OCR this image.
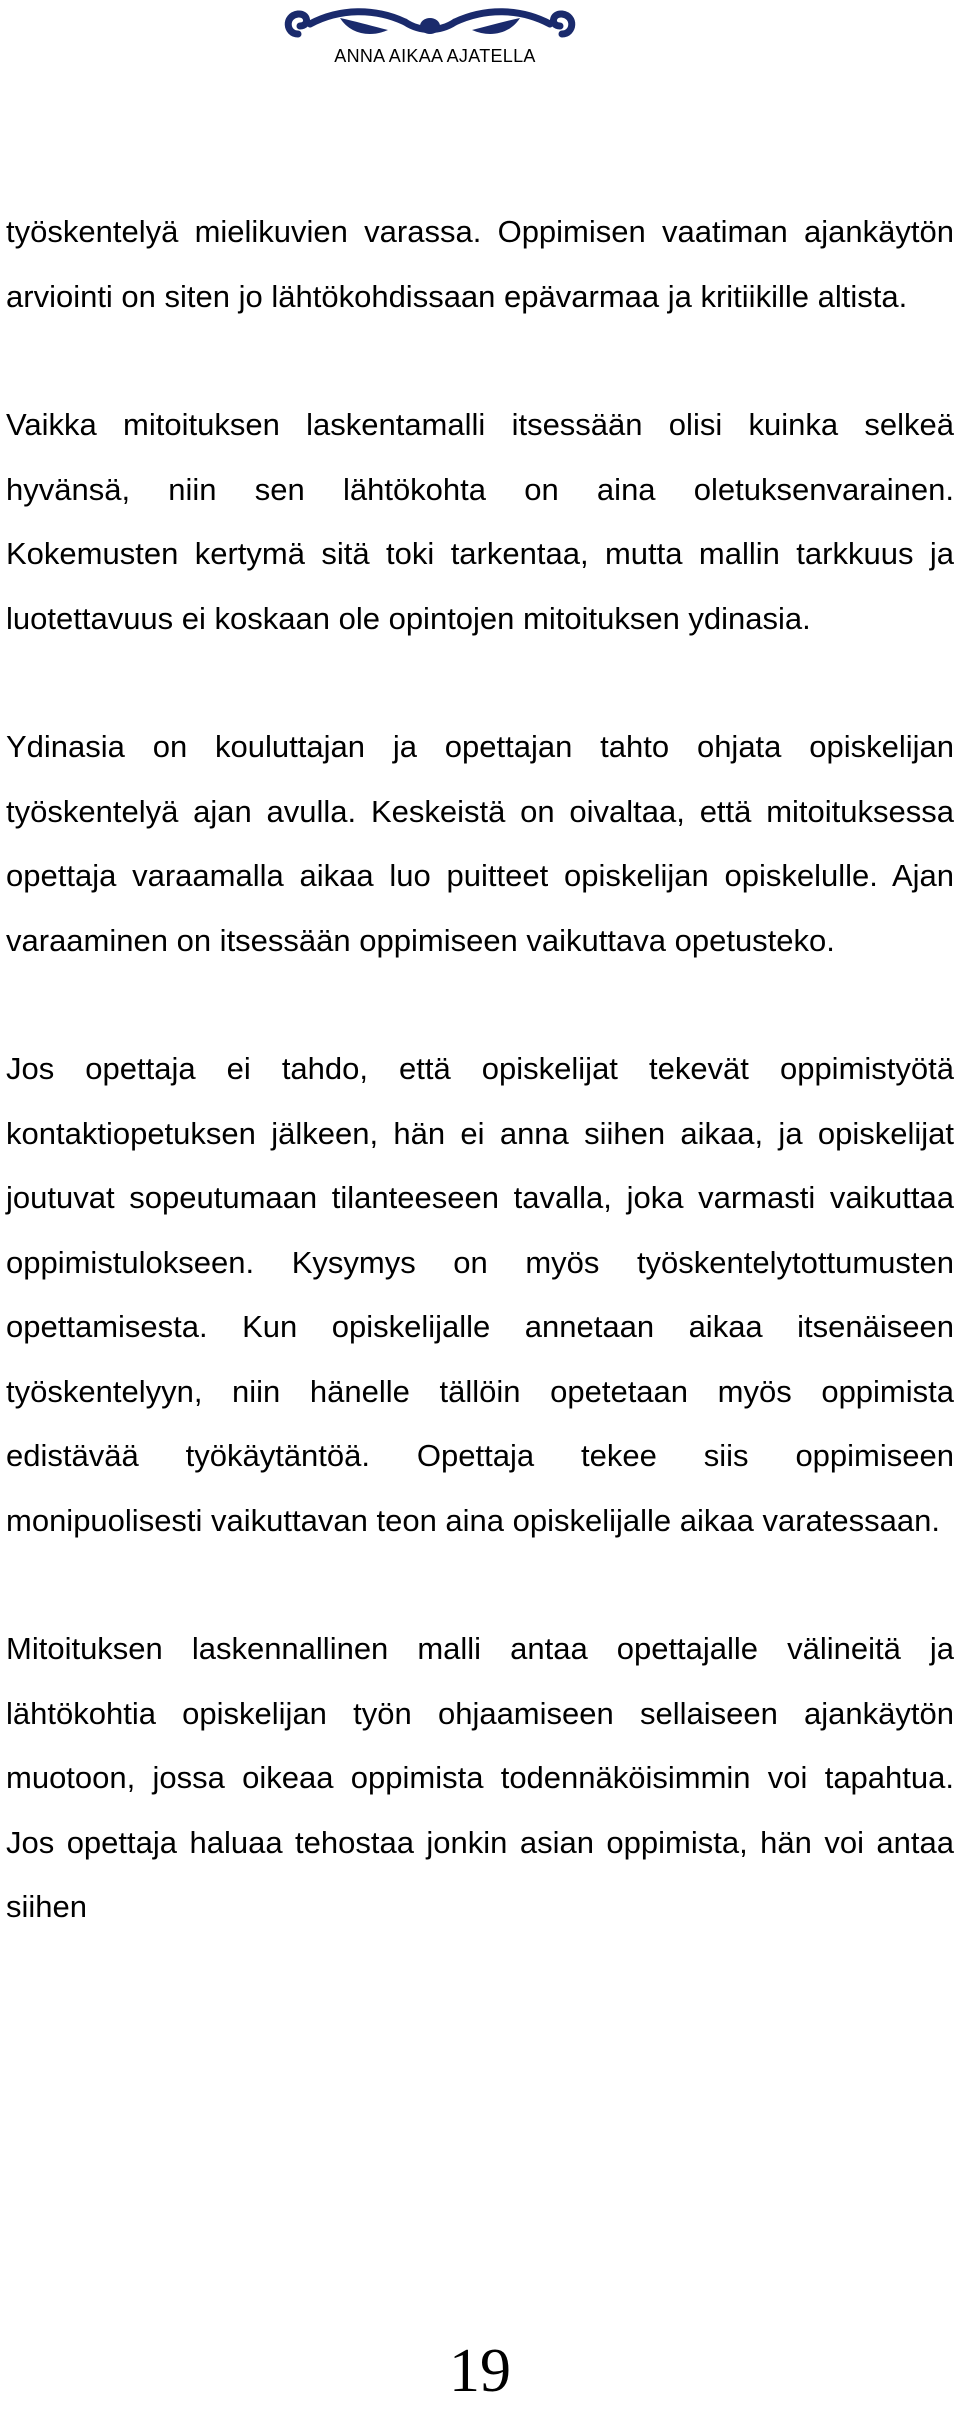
ANNA AIKAA AJATELLA

työskentelyä mielikuvien varassa. Oppimisen vaatiman ajankäytön arviointi on siten jo lähtökohdissaan epävarmaa ja kritiikille altista.

Vaikka mitoituksen laskentamalli itsessään olisi kuinka selkeä hyvänsä, niin sen lähtökohta on aina oletuksenvarainen. Kokemusten kertymä sitä toki tarkentaa, mutta mallin tarkkuus ja luotettavuus ei koskaan ole opintojen mitoituksen ydinasia.

Ydinasia on kouluttajan ja opettajan tahto ohjata opiskelijan työskentelyä ajan avulla. Keskeistä on oivaltaa, että mitoituksessa opettaja varaamalla aikaa luo puitteet opiskelijan opiskelulle. Ajan varaaminen on itsessään oppimiseen vaikuttava opetusteko.

Jos opettaja ei tahdo, että opiskelijat tekevät oppimistyötä kontaktiopetuksen jälkeen, hän ei anna siihen aikaa, ja opiskelijat joutuvat sopeutumaan tilanteeseen tavalla, joka varmasti vaikuttaa oppimistulokseen. Kysymys on myös työskentelytottumusten opettamisesta. Kun opiskelijalle annetaan aikaa itsenäiseen työskentelyyn, niin hänelle tällöin opetetaan myös oppimista edistävää työkäytäntöä. Opettaja tekee siis oppimiseen monipuolisesti vaikuttavan teon aina opiskelijalle aikaa varatessaan.

Mitoituksen laskennallinen malli antaa opettajalle välineitä ja lähtökohtia opiskelijan työn ohjaamiseen sellaiseen ajankäytön muotoon, jossa oikeaa oppimista todennäköisimmin voi tapahtua. Jos opettaja haluaa tehostaa jonkin asian oppimista, hän voi antaa siihen

19
